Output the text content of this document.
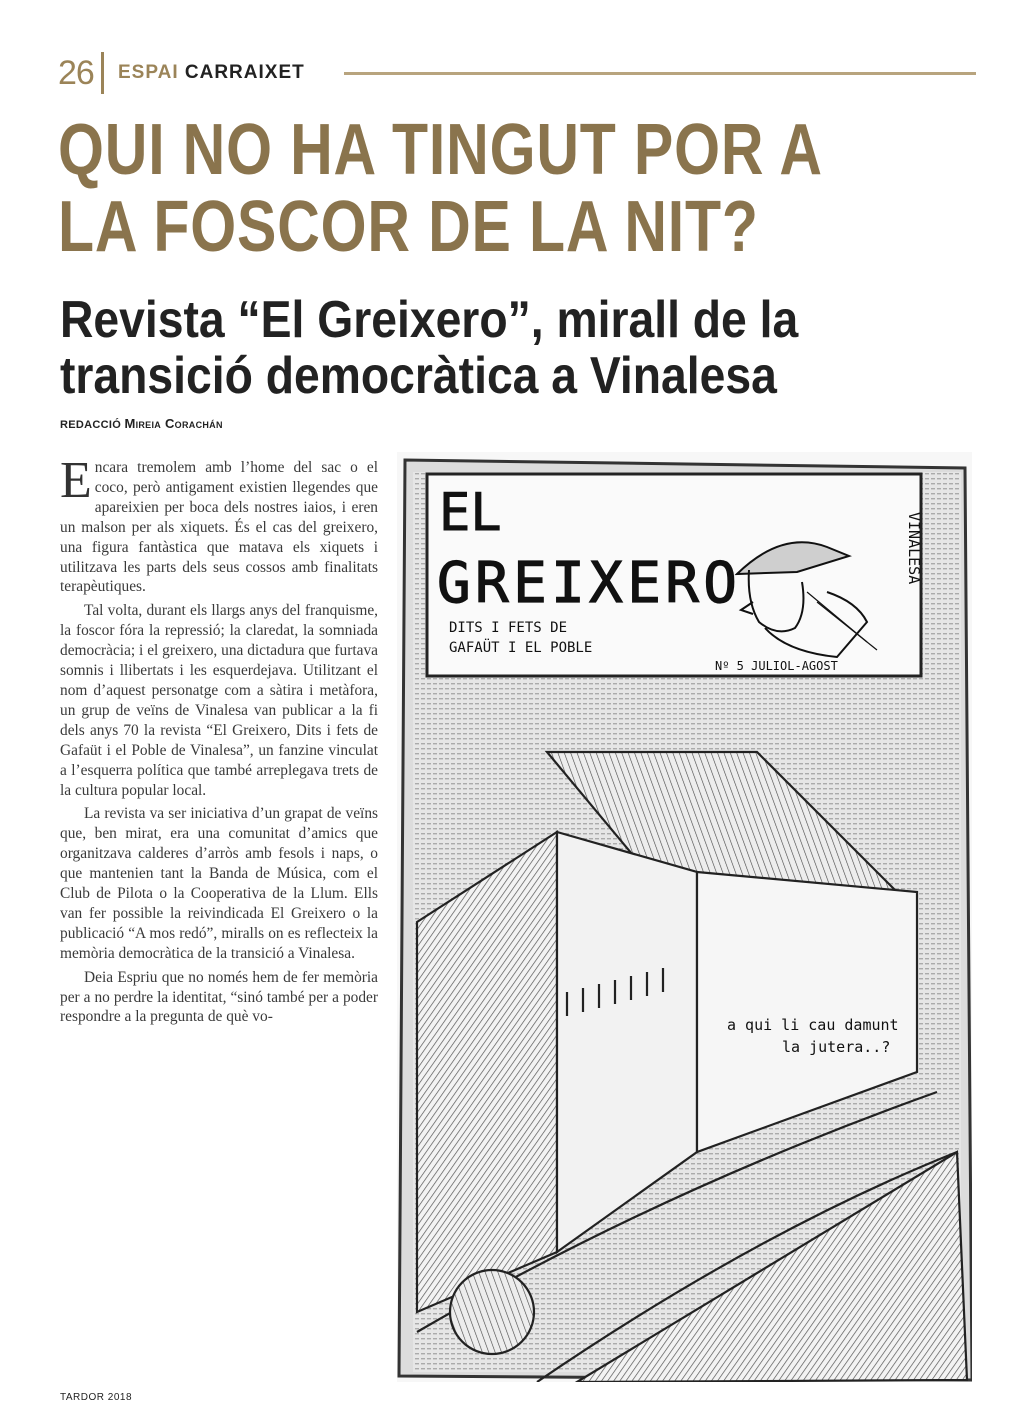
26 ESPAI CARRAIXET
QUI NO HA TINGUT POR A
LA FOSCOR DE LA NIT?
Revista “El Greixero”, mirall de la
transició democràtica a Vinalesa
REDACCIÓ Mireia Corachán

Encara tremolem amb l’home del sac o el coco, però antigament existien llegendes que apareixien per boca dels nostres iaios, i eren un malson per als xiquets. És el cas del greixero, una figura fantàstica que matava els xiquets i utilitzava les parts dels seus cossos amb finalitats terapèutiques.

Tal volta, durant els llargs anys del franquisme, la foscor fóra la repressió; la claredat, la somniada democràcia; i el greixero, una dictadura que furtava somnis i llibertats i les esquerdejava. Utilitzant el nom d’aquest personatge com a sàtira i metàfora, un grup de veïns de Vinalesa van publicar a la fi dels anys 70 la revista “El Greixero, Dits i fets de Gafaüt i el Poble de Vinalesa”, un fanzine vinculat a l’esquerra política que també arreplegava trets de la cultura popular local.

La revista va ser iniciativa d’un grapat de veïns que, ben mirat, era una comunitat d’amics que organitzava calderes d’arròs amb fesols i naps, o que mantenien tant la Banda de Música, com el Club de Pilota o la Cooperativa de la Llum. Ells van fer possible la reivindicada El Greixero o la publicació “A mos redó”, miralls on es reflecteix la memòria democràtica de la transició a Vinalesa.

Deia Espriu que no només hem de fer memòria per a no perdre la identitat, “sinó també per a poder respondre a la pregunta de què vo-

EL
GREIXERO
DITS I FETS DE
GAFAÜT I EL POBLE
VINALESA
Nº 5 JULIOL-AGOST
a qui li cau damunt
la jutera..?
TARDOR 2018
